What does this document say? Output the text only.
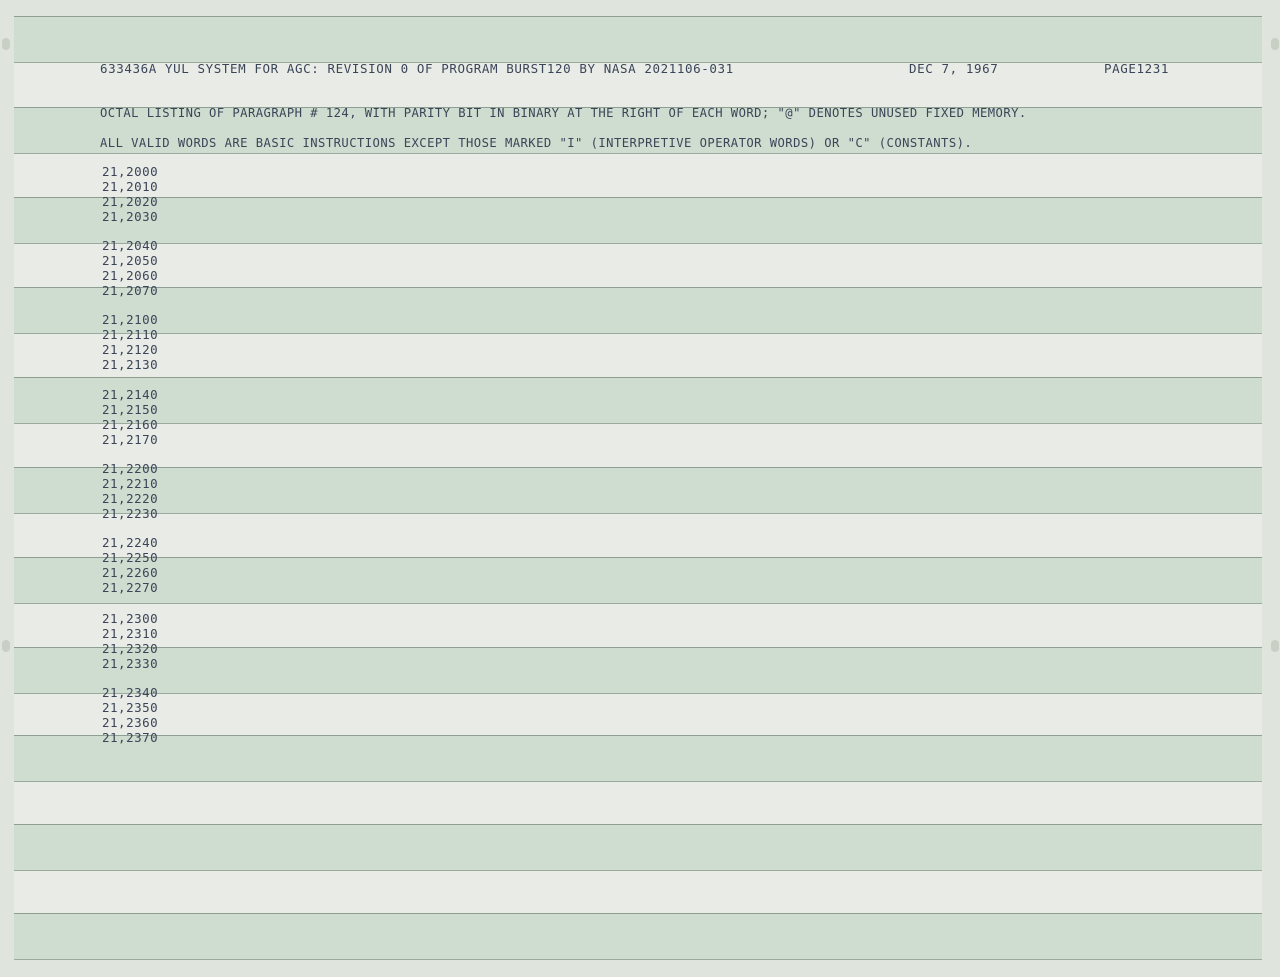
633436A YUL SYSTEM FOR AGC: REVISION 0 OF PROGRAM BURST120 BY NASA 2021106-031	DEC 7, 1967	PAGE1231
OCTAL LISTING OF PARAGRAPH # 124, WITH PARITY BIT IN BINARY AT THE RIGHT OF EACH WORD; "@" DENOTES UNUSED FIXED MEMORY.
ALL VALID WORDS ARE BASIC INSTRUCTIONS EXCEPT THOSE MARKED "I" (INTERPRETIVE OPERATOR WORDS) OR "C" (CONSTANTS).
21,2000
21,2010
21,2020
21,2030
21,2040
21,2050
21,2060
21,2070
21,2100
21,2110
21,2120
21,2130
21,2140
21,2150
21,2160
21,2170
21,2200
21,2210
21,2220
21,2230
21,2240
21,2250
21,2260
21,2270
21,2300
21,2310
21,2320
21,2330
21,2340
21,2350
21,2360
21,2370
